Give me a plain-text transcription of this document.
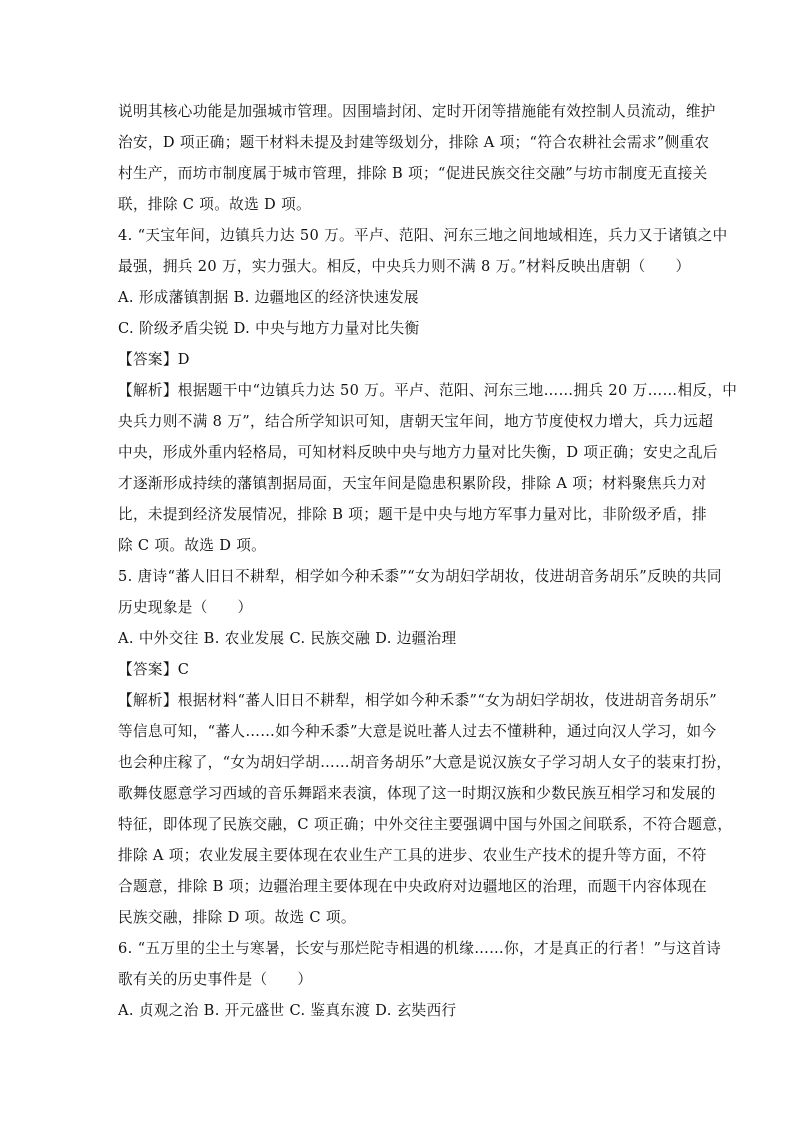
说明其核心功能是加强城市管理。因围墙封闭、定时开闭等措施能有效控制人员流动，维护
治安，D 项正确；题干材料未提及封建等级划分，排除 A 项；“符合农耕社会需求”侧重农
村生产，而坊市制度属于城市管理，排除 B 项；“促进民族交往交融”与坊市制度无直接关
联，排除 C 项。故选 D 项。
4. “天宝年间，边镇兵力达 50 万。平卢、范阳、河东三地之间地域相连，兵力又于诸镇之中
最强，拥兵 20 万，实力强大。相反，中央兵力则不满 8 万。”材料反映出唐朝（　　）
A. 形成藩镇割据 B. 边疆地区的经济快速发展
C. 阶级矛盾尖锐 D. 中央与地方力量对比失衡
【答案】D
【解析】根据题干中“边镇兵力达 50 万。平卢、范阳、河东三地……拥兵 20 万……相反，中
央兵力则不满 8 万”，结合所学知识可知，唐朝天宝年间，地方节度使权力增大，兵力远超
中央，形成外重内轻格局，可知材料反映中央与地方力量对比失衡，D 项正确；安史之乱后
才逐渐形成持续的藩镇割据局面，天宝年间是隐患积累阶段，排除 A 项；材料聚焦兵力对
比，未提到经济发展情况，排除 B 项；题干是中央与地方军事力量对比，非阶级矛盾，排
除 C 项。故选 D 项。
5. 唐诗“蕃人旧日不耕犁，相学如今种禾黍”“女为胡妇学胡妆，伎进胡音务胡乐”反映的共同
历史现象是（　　）
A. 中外交往 B. 农业发展 C. 民族交融 D. 边疆治理
【答案】C
【解析】根据材料“蕃人旧日不耕犁，相学如今种禾黍”“女为胡妇学胡妆，伎进胡音务胡乐”
等信息可知，“蕃人……如今种禾黍”大意是说吐蕃人过去不懂耕种，通过向汉人学习，如今
也会种庄稼了，“女为胡妇学胡……胡音务胡乐”大意是说汉族女子学习胡人女子的装束打扮，
歌舞伎愿意学习西域的音乐舞蹈来表演，体现了这一时期汉族和少数民族互相学习和发展的
特征，即体现了民族交融，C 项正确；中外交往主要强调中国与外国之间联系，不符合题意，
排除 A 项；农业发展主要体现在农业生产工具的进步、农业生产技术的提升等方面，不符
合题意，排除 B 项；边疆治理主要体现在中央政府对边疆地区的治理，而题干内容体现在
民族交融，排除 D 项。故选 C 项。
6. “五万里的尘土与寒暑，长安与那烂陀寺相遇的机缘……你，才是真正的行者！”与这首诗
歌有关的历史事件是（　　）
A. 贞观之治 B. 开元盛世 C. 鉴真东渡 D. 玄奘西行
